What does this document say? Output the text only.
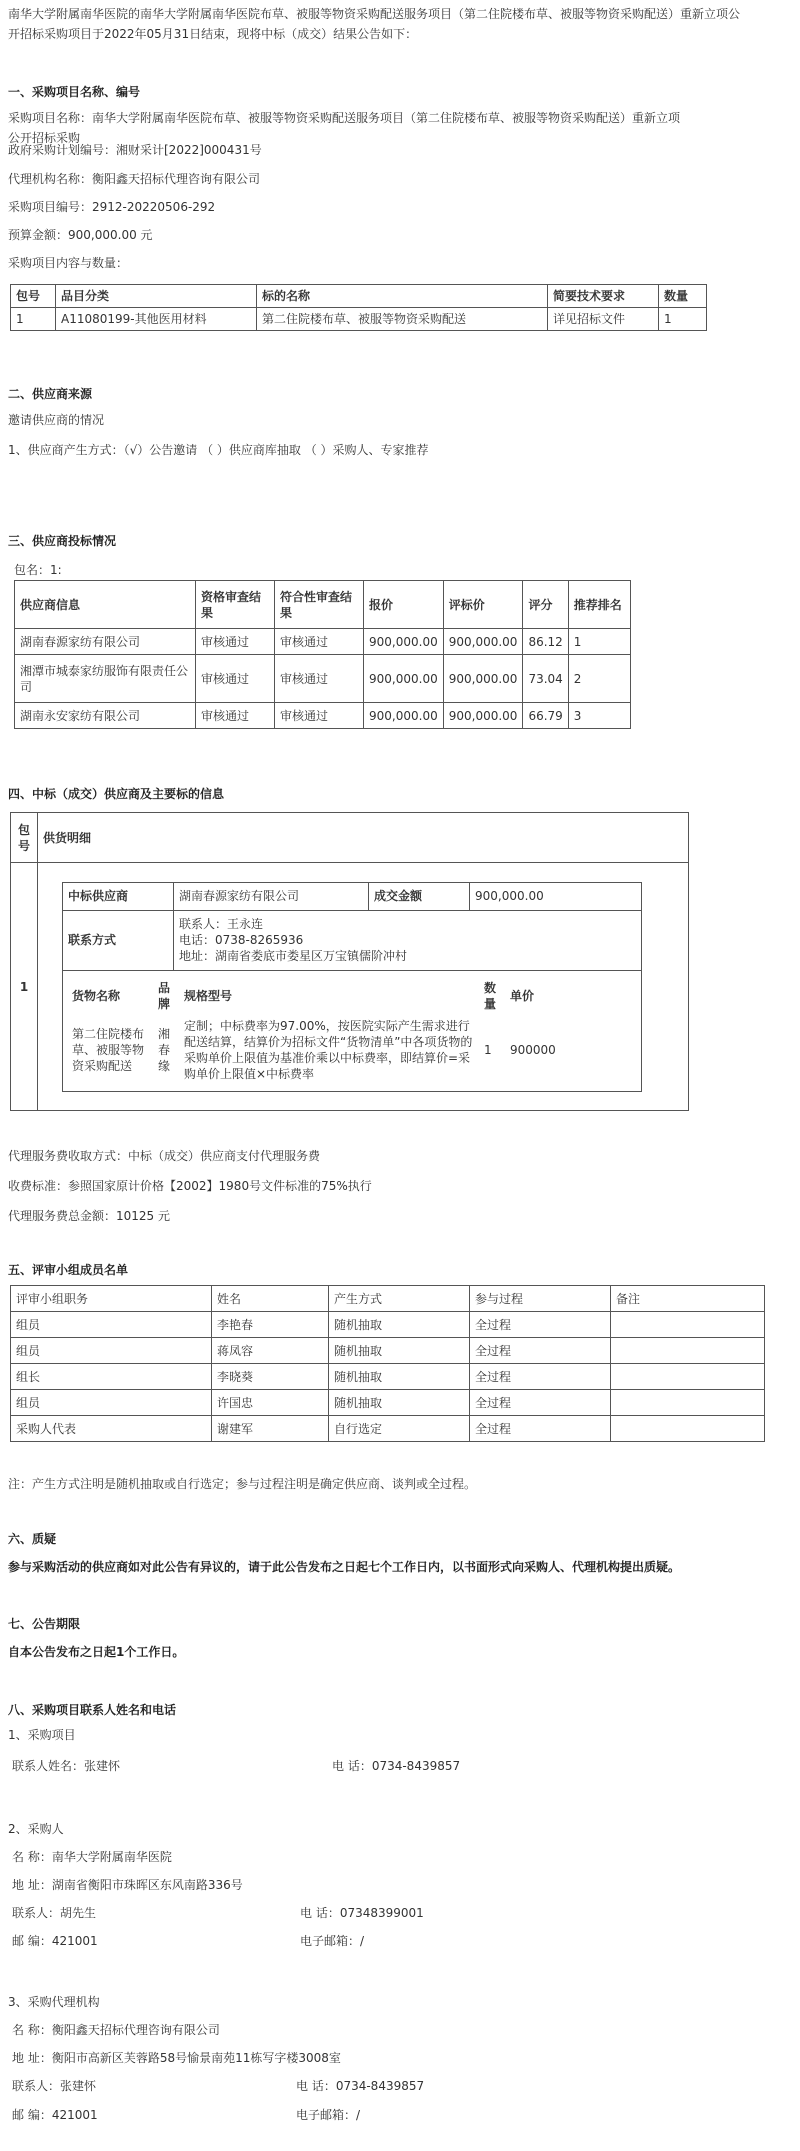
南华大学附属南华医院的南华大学附属南华医院布草、被服等物资采购配送服务项目（第二住院楼布草、被服等物资采购配送）重新立项公
开招标采购项目于2022年05月31日结束，现将中标（成交）结果公告如下：
一、采购项目名称、编号
采购项目名称：南华大学附属南华医院布草、被服等物资采购配送服务项目（第二住院楼布草、被服等物资采购配送）重新立项
公开招标采购
政府采购计划编号：湘财采计[2022]000431号
代理机构名称：衡阳鑫天招标代理咨询有限公司
采购项目编号：2912-20220506-292
预算金额：900,000.00 元
采购项目内容与数量：
包号	品目分类	标的名称	简要技术要求	数量
1	A11080199-其他医用材料	第二住院楼布草、被服等物资采购配送	详见招标文件	1
二、供应商来源
邀请供应商的情况
1、供应商产生方式：（√）公告邀请 （ ）供应商库抽取 （ ）采购人、专家推荐
三、供应商投标情况
包名：1:
供应商信息	资格审查结果	符合性审查结果	报价	评标价	评分	推荐排名
湖南春源家纺有限公司	审核通过	审核通过	900,000.00	900,000.00	86.12	1
湘潭市城泰家纺服饰有限责任公司	审核通过	审核通过	900,000.00	900,000.00	73.04	2
湖南永安家纺有限公司	审核通过	审核通过	900,000.00	900,000.00	66.79	3
四、中标（成交）供应商及主要标的信息
包号	供货明细
1	
中标供应商	湖南春源家纺有限公司	成交金额	900,000.00
联系方式	
联系人：王永连
电话：0738-8265936
地址：湖南省娄底市娄星区万宝镇儒阶冲村

货物名称	品牌	规格型号	数量	单价
第二住院楼布草、被服等物资采购配送	湘春缘	定制；中标费率为97.00%，按医院实际产生需求进行配送结算，结算价为招标文件“货物清单”中各项货物的采购单价上限值为基准价乘以中标费率，即结算价=采购单价上限值×中标费率	1	900000
代理服务费收取方式：中标（成交）供应商支付代理服务费
收费标准：参照国家原计价格【2002】1980号文件标准的75%执行
代理服务费总金额：10125 元
五、评审小组成员名单
评审小组职务	姓名	产生方式	参与过程	备注
组员	李艳春	随机抽取	全过程	
组员	蒋凤容	随机抽取	全过程	
组长	李晓葵	随机抽取	全过程	
组员	许国忠	随机抽取	全过程	
采购人代表	谢建军	自行选定	全过程	
注：产生方式注明是随机抽取或自行选定；参与过程注明是确定供应商、谈判或全过程。
六、质疑
参与采购活动的供应商如对此公告有异议的，请于此公告发布之日起七个工作日内，以书面形式向采购人、代理机构提出质疑。
七、公告期限
自本公告发布之日起1个工作日。
八、采购项目联系人姓名和电话
1、采购项目
联系人姓名：张建怀	电 话：0734-8439857
2、采购人
名 称：南华大学附属南华医院
地 址：湖南省衡阳市珠晖区东风南路336号
联系人：胡先生	电 话：07348399001
邮 编：421001	电子邮箱：/
3、采购代理机构
名 称：衡阳鑫天招标代理咨询有限公司
地 址：衡阳市高新区芙蓉路58号愉景南苑11栋写字楼3008室
联系人：张建怀	电 话：0734-8439857
邮 编：421001	电子邮箱：/
